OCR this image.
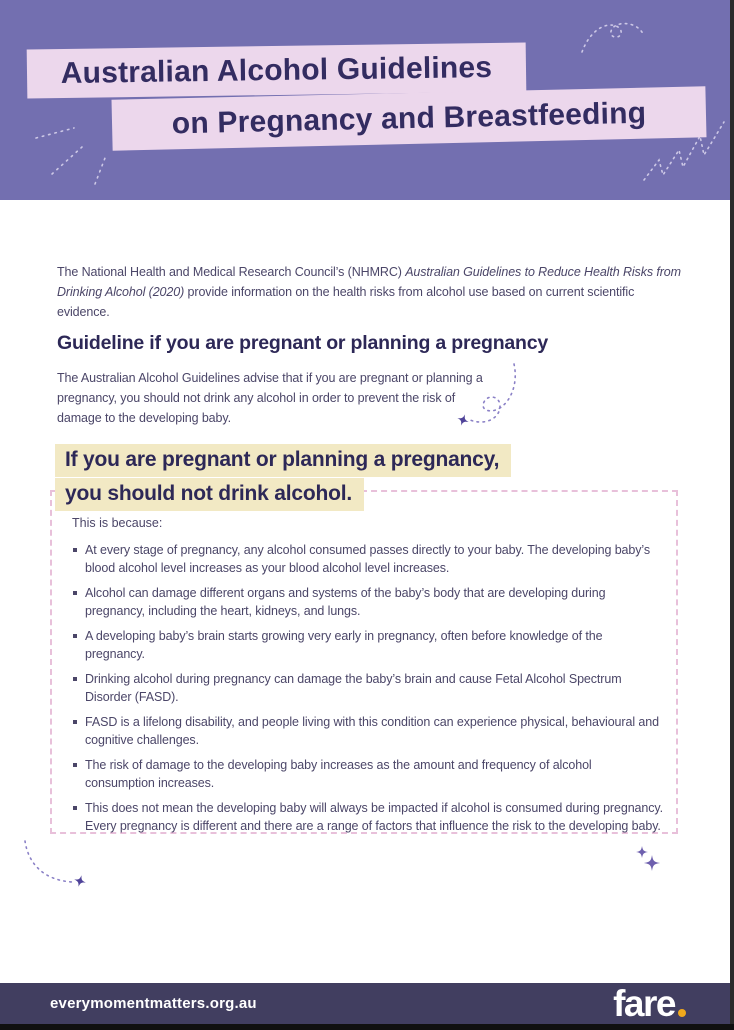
Australian Alcohol Guidelines
on Pregnancy and Breastfeeding

The National Health and Medical Research Council’s (NHMRC) Australian Guidelines to Reduce Health Risks from Drinking Alcohol (2020) provide information on the health risks from alcohol use based on current scientific evidence.

Guideline if you are pregnant or planning a pregnancy

The Australian Alcohol Guidelines advise that if you are pregnant or planning a pregnancy, you should not drink any alcohol in order to prevent the risk of damage to the developing baby.

If you are pregnant or planning a pregnancy,
you should not drink alcohol.

This is because:

At every stage of pregnancy, any alcohol consumed passes directly to your baby. The developing baby’s blood alcohol level increases as your blood alcohol level increases.
Alcohol can damage different organs and systems of the baby’s body that are developing during pregnancy, including the heart, kidneys, and lungs.
A developing baby’s brain starts growing very early in pregnancy, often before knowledge of the pregnancy.
Drinking alcohol during pregnancy can damage the baby’s brain and cause Fetal Alcohol Spectrum Disorder (FASD).
FASD is a lifelong disability, and people living with this condition can experience physical, behavioural and cognitive challenges.
The risk of damage to the developing baby increases as the amount and frequency of alcohol consumption increases.
This does not mean the developing baby will always be impacted if alcohol is consumed during pregnancy. Every pregnancy is different and there are a range of factors that influence the risk to the developing baby.
everymomentmatters.org.au	fare
